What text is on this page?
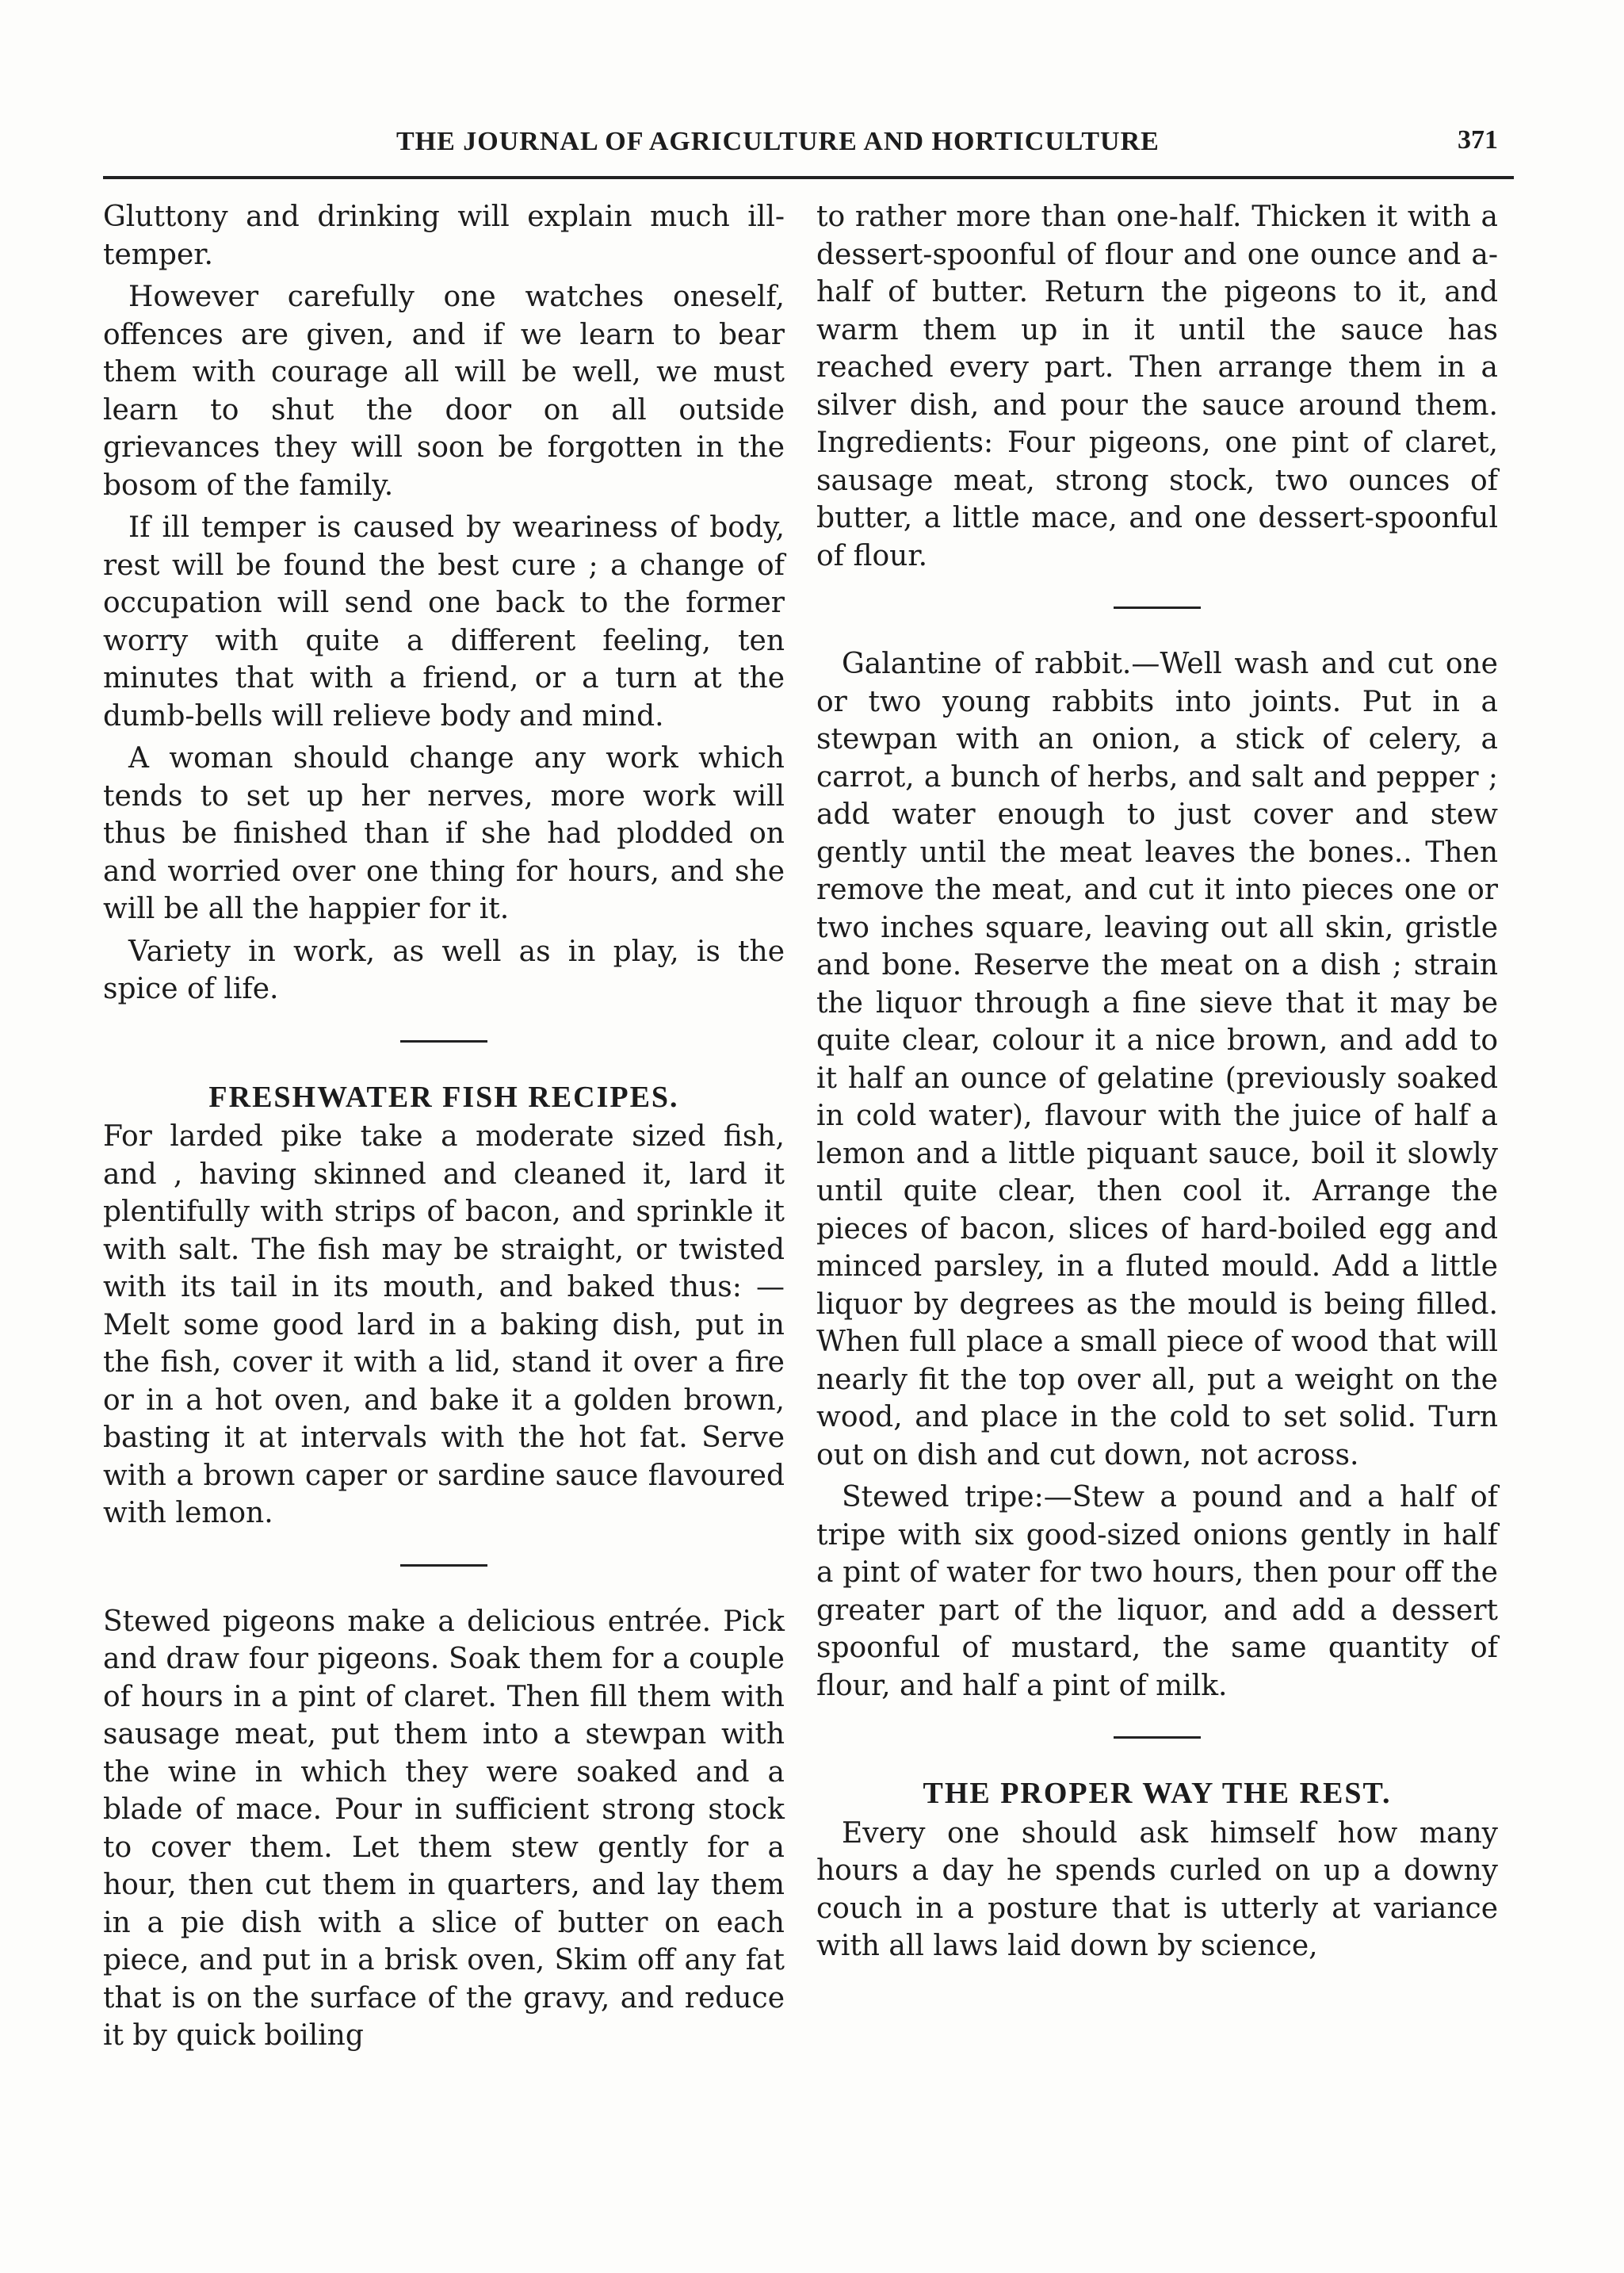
THE JOURNAL OF AGRICULTURE AND HORTICULTURE	371

Gluttony and drinking will explain much ill-temper.

However carefully one watches oneself, offences are given, and if we learn to bear them with courage all will be well, we must learn to shut the door on all outside grievances they will soon be forgotten in the bosom of the family.

If ill temper is caused by weariness of body, rest will be found the best cure ; a change of occupation will send one back to the former worry with quite a different feeling, ten minutes that with a friend, or a turn at the dumb-bells will relieve body and mind.

A woman should change any work which tends to set up her nerves, more work will thus be finished than if she had plodded on and worried over one thing for hours, and she will be all the happier for it.

Variety in work, as well as in play, is the spice of life.

FRESHWATER FISH RECIPES.

For larded pike take a moderate sized fish, and , having skinned and cleaned it, lard it plentifully with strips of bacon, and sprinkle it with salt. The fish may be straight, or twisted with its tail in its mouth, and baked thus: —Melt some good lard in a baking dish, put in the fish, cover it with a lid, stand it over a fire or in a hot oven, and bake it a golden brown, basting it at intervals with the hot fat. Serve with a brown caper or sardine sauce flavoured with lemon.

Stewed pigeons make a delicious entrée. Pick and draw four pigeons. Soak them for a couple of hours in a pint of claret. Then fill them with sausage meat, put them into a stewpan with the wine in which they were soaked and a blade of mace. Pour in sufficient strong stock to cover them. Let them stew gently for a hour, then cut them in quarters, and lay them in a pie dish with a slice of butter on each piece, and put in a brisk oven, Skim off any fat that is on the surface of the gravy, and reduce it by quick boiling

to rather more than one-half. Thicken it with a dessert-spoonful of flour and one ounce and a-half of butter. Return the pigeons to it, and warm them up in it until the sauce has reached every part. Then arrange them in a silver dish, and pour the sauce around them. Ingredients: Four pigeons, one pint of claret, sausage meat, strong stock, two ounces of butter, a little mace, and one dessert-spoonful of flour.

Galantine of rabbit.—Well wash and cut one or two young rabbits into joints. Put in a stewpan with an onion, a stick of celery, a carrot, a bunch of herbs, and salt and pepper ; add water enough to just cover and stew gently until the meat leaves the bones.. Then remove the meat, and cut it into pieces one or two inches square, leaving out all skin, gristle and bone. Reserve the meat on a dish ; strain the liquor through a fine sieve that it may be quite clear, colour it a nice brown, and add to it half an ounce of gelatine (previously soaked in cold water), flavour with the juice of half a lemon and a little piquant sauce, boil it slowly until quite clear, then cool it. Arrange the pieces of bacon, slices of hard-boiled egg and minced parsley, in a fluted mould. Add a little liquor by degrees as the mould is being filled. When full place a small piece of wood that will nearly fit the top over all, put a weight on the wood, and place in the cold to set solid. Turn out on dish and cut down, not across.

Stewed tripe:—Stew a pound and a half of tripe with six good-sized onions gently in half a pint of water for two hours, then pour off the greater part of the liquor, and add a dessert spoonful of mustard, the same quantity of flour, and half a pint of milk.

THE PROPER WAY THE REST.

Every one should ask himself how many hours a day he spends curled on up a downy couch in a posture that is utterly at variance with all laws laid down by science,
